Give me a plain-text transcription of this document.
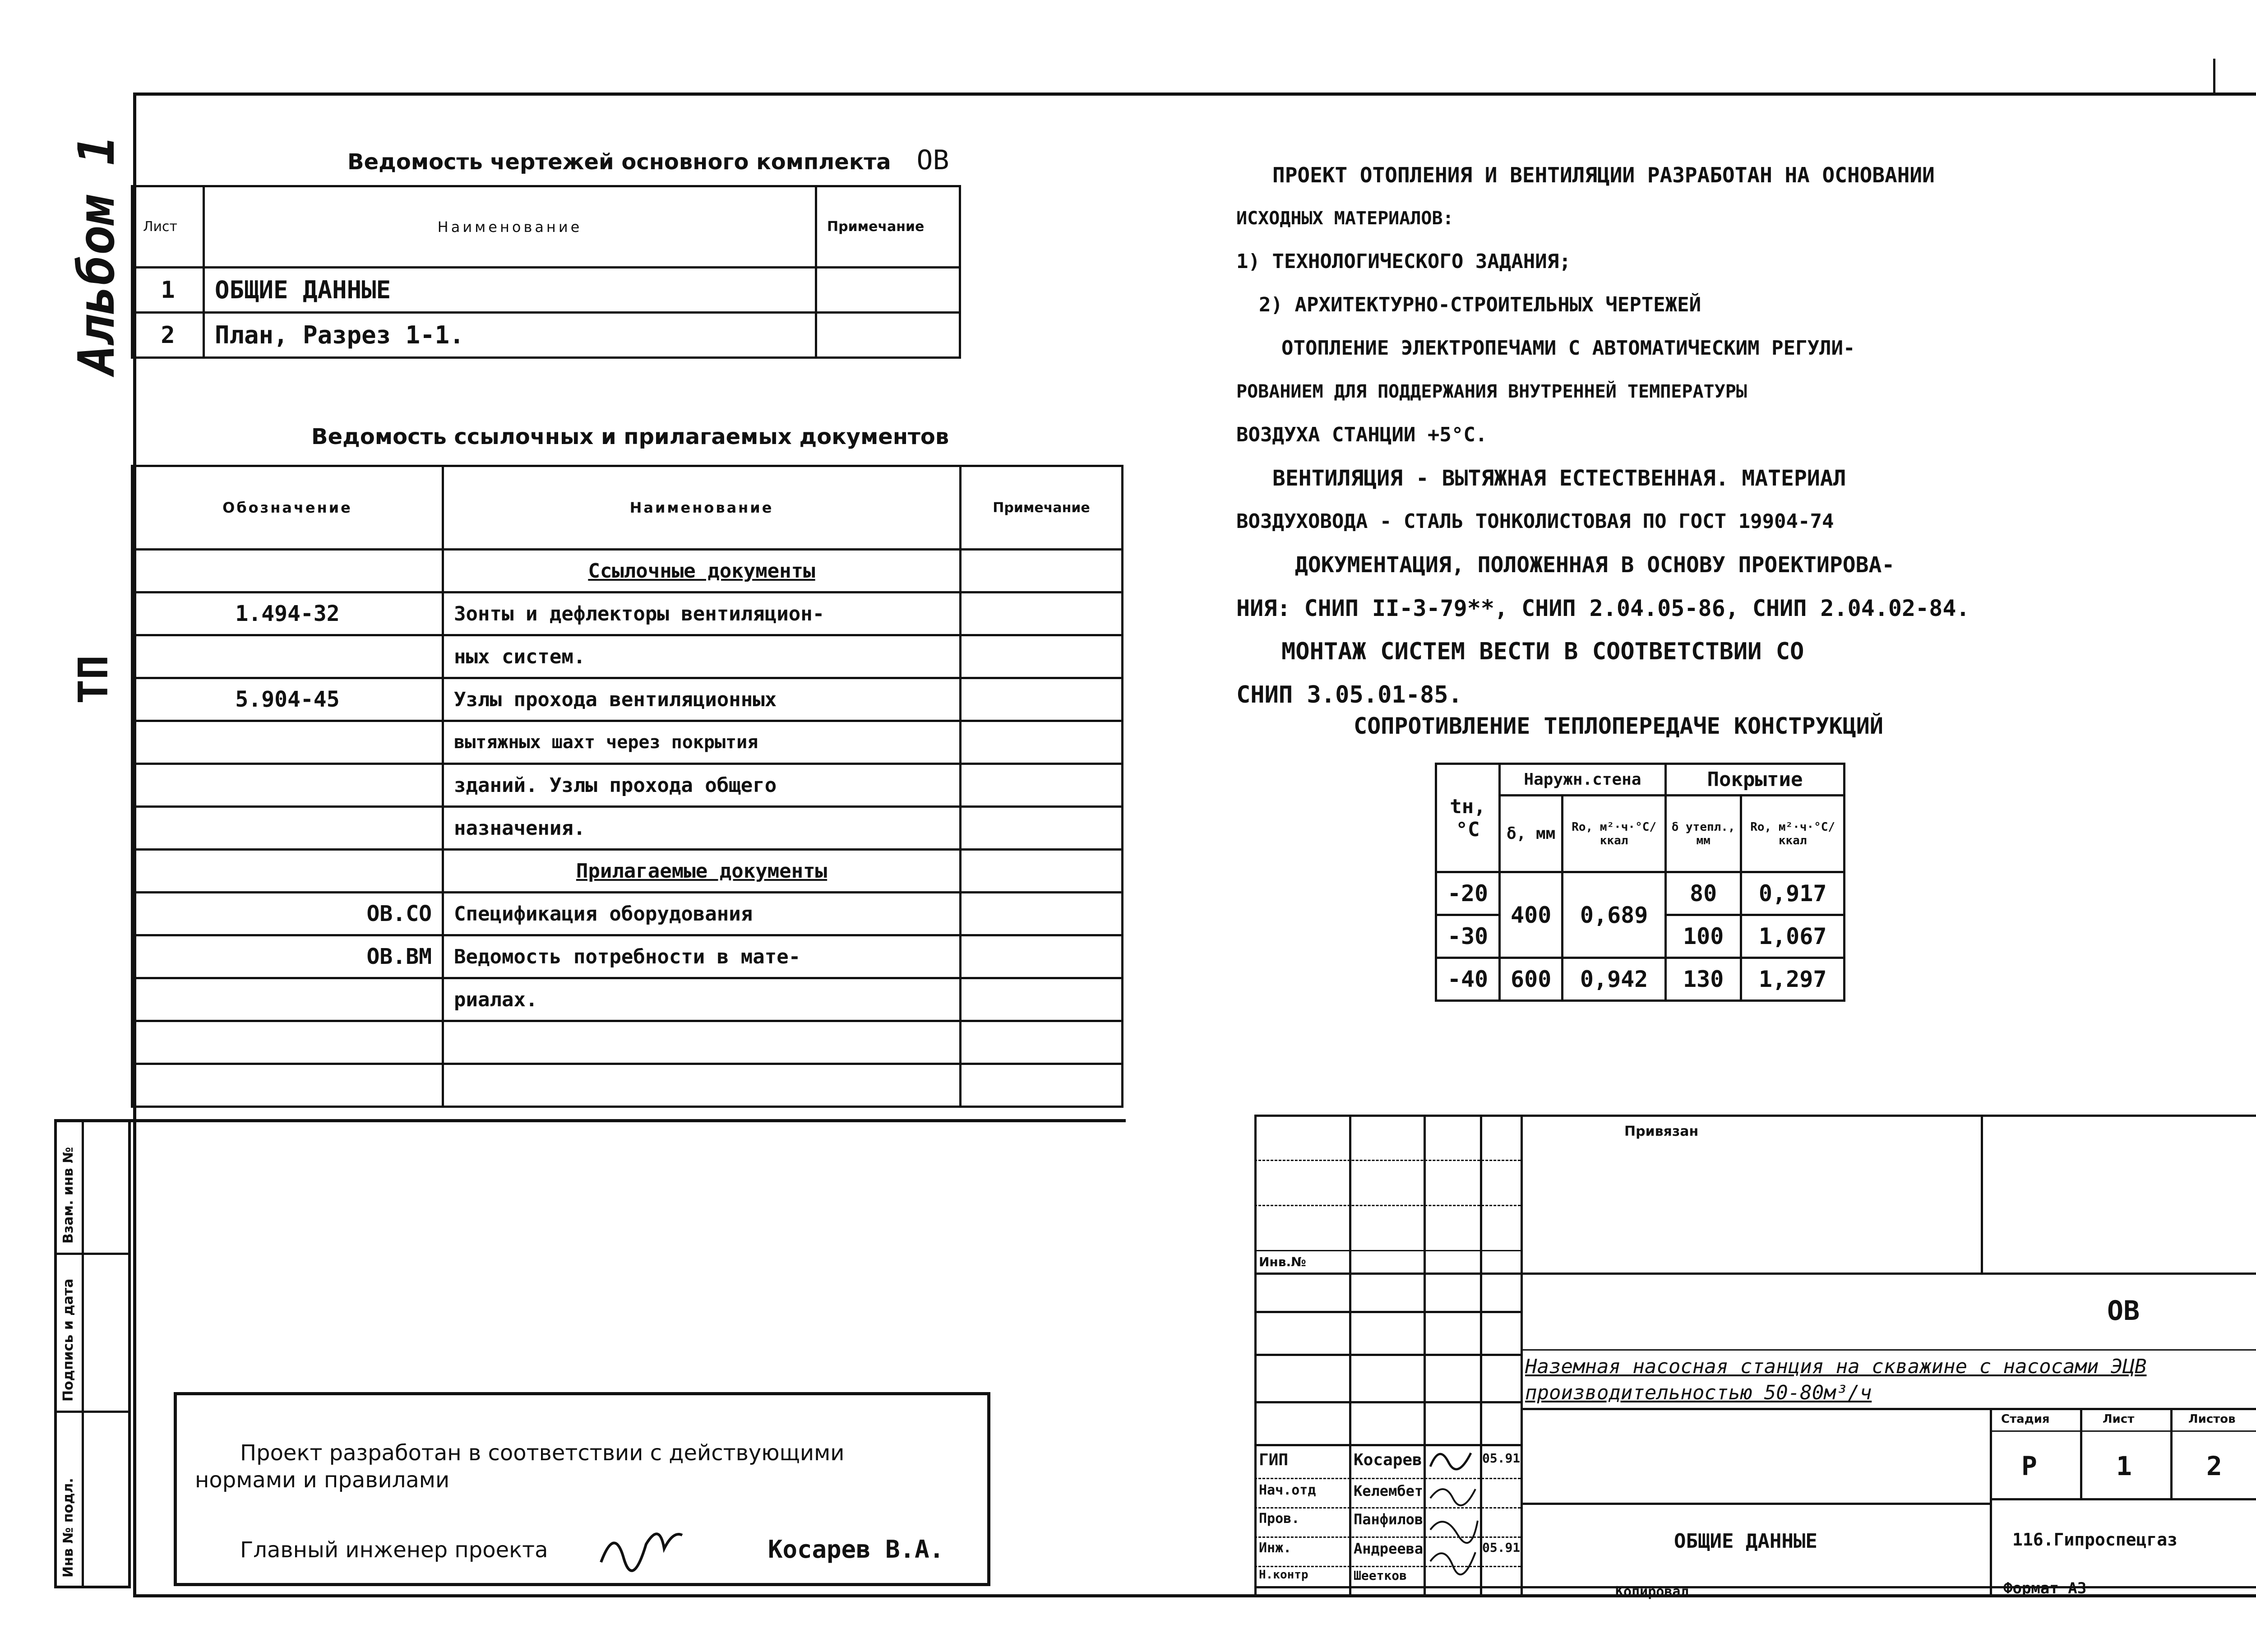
Альбом 1
ТП
Взам. инв №
Подпись и дата
Инв № подл.
Ведомость чертежей основного комплекта ОВ
Лист	Наименование	Примечание
1	ОБЩИЕ ДАННЫЕ	
2	План, Разрез 1-1.	
Ведомость ссылочных и прилагаемых документов
Обозначение	Наименование	Примечание
	Ссылочные документы	
1.494-32	Зонты и дефлекторы вентиляцион-	
	ных систем.	
5.904-45	Узлы прохода вентиляционных	
	вытяжных шахт через покрытия	
	зданий. Узлы прохода общего	
	назначения.	
	Прилагаемые документы	
ОВ.СО	Спецификация оборудования	
ОВ.ВМ	Ведомость потребности в мате-	
	риалах.	

ПРОЕКТ ОТОПЛЕНИЯ И ВЕНТИЛЯЦИИ РАЗРАБОТАН НА ОСНОВАНИИ
ИСХОДНЫХ МАТЕРИАЛОВ:
1) ТЕХНОЛОГИЧЕСКОГО ЗАДАНИЯ;
2) АРХИТЕКТУРНО-СТРОИТЕЛЬНЫХ ЧЕРТЕЖЕЙ
ОТОПЛЕНИЕ ЭЛЕКТРОПЕЧАМИ С АВТОМАТИЧЕСКИМ РЕГУЛИ-
РОВАНИЕМ ДЛЯ ПОДДЕРЖАНИЯ ВНУТРЕННЕЙ ТЕМПЕРАТУРЫ
ВОЗДУХА СТАНЦИИ +5°С.
ВЕНТИЛЯЦИЯ - ВЫТЯЖНАЯ ЕСТЕСТВЕННАЯ. МАТЕРИАЛ
ВОЗДУХОВОДА - СТАЛЬ ТОНКОЛИСТОВАЯ ПО ГОСТ 19904-74
ДОКУМЕНТАЦИЯ, ПОЛОЖЕННАЯ В ОСНОВУ ПРОЕКТИРОВА-
НИЯ: СНИП II-3-79**, СНИП 2.04.05-86, СНИП 2.04.02-84.
МОНТАЖ СИСТЕМ ВЕСТИ В СООТВЕТСТВИИ СО
СНИП 3.05.01-85.
СОПРОТИВЛЕНИЕ ТЕПЛОПЕРЕДАЧЕ КОНСТРУКЦИЙ
tн, °С	Наружн.стена		Покрытие	
	δ, мм	Rо, м²·ч·°С/ккал	δ утепл., мм	Rо, м²·ч·°С/ккал
-20	400	0,689	80	0,917
-30			100	1,067
-40	600	0,942	130	1,297
Проект разработан в соответствии с действующими
нормами и правилами
Главный инженер проекта	Косарев В.А.
Привязан
Инв.№
ОВ
Наземная насосная станция на скважине с насосами ЭЦВ производительностью 50-80м³/ч
Стадия	Лист	Листов
Р	1	2
ОБЩИЕ ДАННЫЕ	116.Гипроспецгаз
ГИП	Косарев	05.91
Нач.отд	Келембет
Пров.	Панфилов
Инж.	Андреева	05.91
Н.контр	Шеетков
Копировал	Формат А3
